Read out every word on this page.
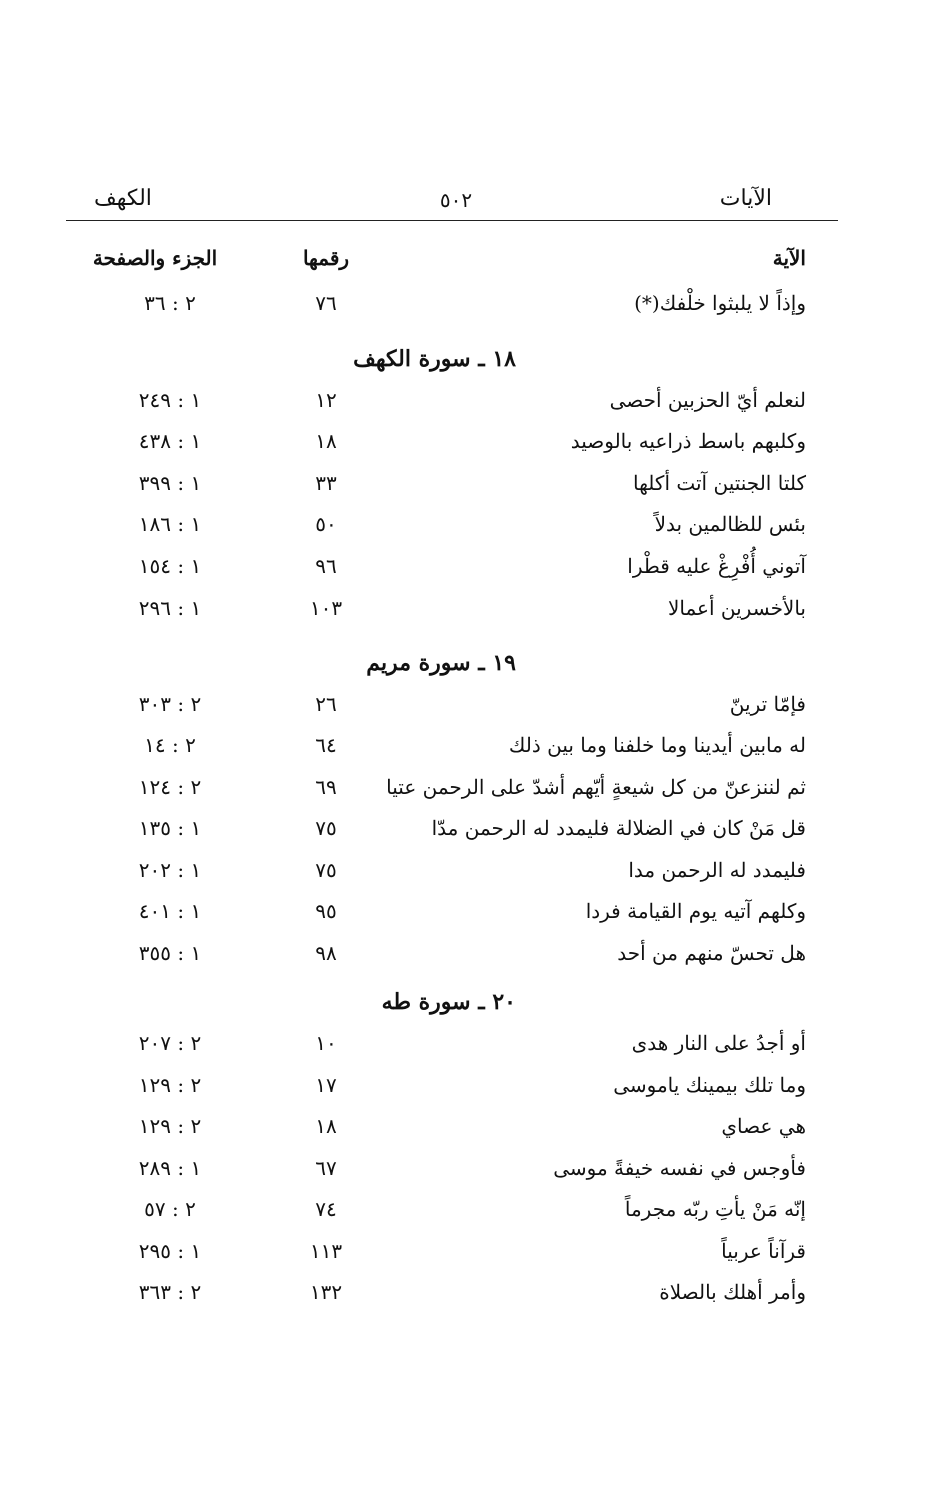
الآيات
٥٠٢
الكهف
الآية
رقمها
الجزء والصفحة
وإذاً لا يلبثوا خلْفك(*)
٧٦
٢ : ٣٦
١٨ ـ سورة الكهف
لنعلم أيّ الحزبين أحصى
١٢
١ : ٢٤٩
وكلبهم باسط ذراعيه بالوصيد
١٨
١ : ٤٣٨
كلتا الجنتين آتت أكلها
٣٣
١ : ٣٩٩
بئس للظالمين بدلاً
٥٠
١ : ١٨٦
آتوني أُفْرِغْ عليه قطْرا
٩٦
١ : ١٥٤
بالأخسرين أعمالا
١٠٣
١ : ٢٩٦
١٩ ـ سورة مريم
فإمّا ترينّ
٢٦
٢ : ٣٠٣
له مابين أيدينا وما خلفنا وما بين ذلك
٦٤
٢ : ١٤
ثم لننزعنّ من كل شيعةٍ أيّهم أشدّ على الرحمن عتيا
٦٩
٢ : ١٢٤
قل مَنْ كان في الضلالة فليمدد له الرحمن مدّا
٧٥
١ : ١٣٥
فليمدد له الرحمن مدا
٧٥
١ : ٢٠٢
وكلهم آتيه يوم القيامة فردا
٩٥
١ : ٤٠١
هل تحسّ منهم من أحد
٩٨
١ : ٣٥٥
٢٠ ـ سورة طه
أو أجدُ على النار هدى
١٠
٢ : ٢٠٧
وما تلك بيمينك ياموسى
١٧
٢ : ١٢٩
هي عصاي
١٨
٢ : ١٢٩
فأوجس في نفسه خيفةً موسى
٦٧
١ : ٢٨٩
إنّه مَنْ يأتِ ربّه مجرماً
٧٤
٢ : ٥٧
قرآناً عربياً
١١٣
١ : ٢٩٥
وأمر أهلك بالصلاة
١٣٢
٢ : ٣٦٣
